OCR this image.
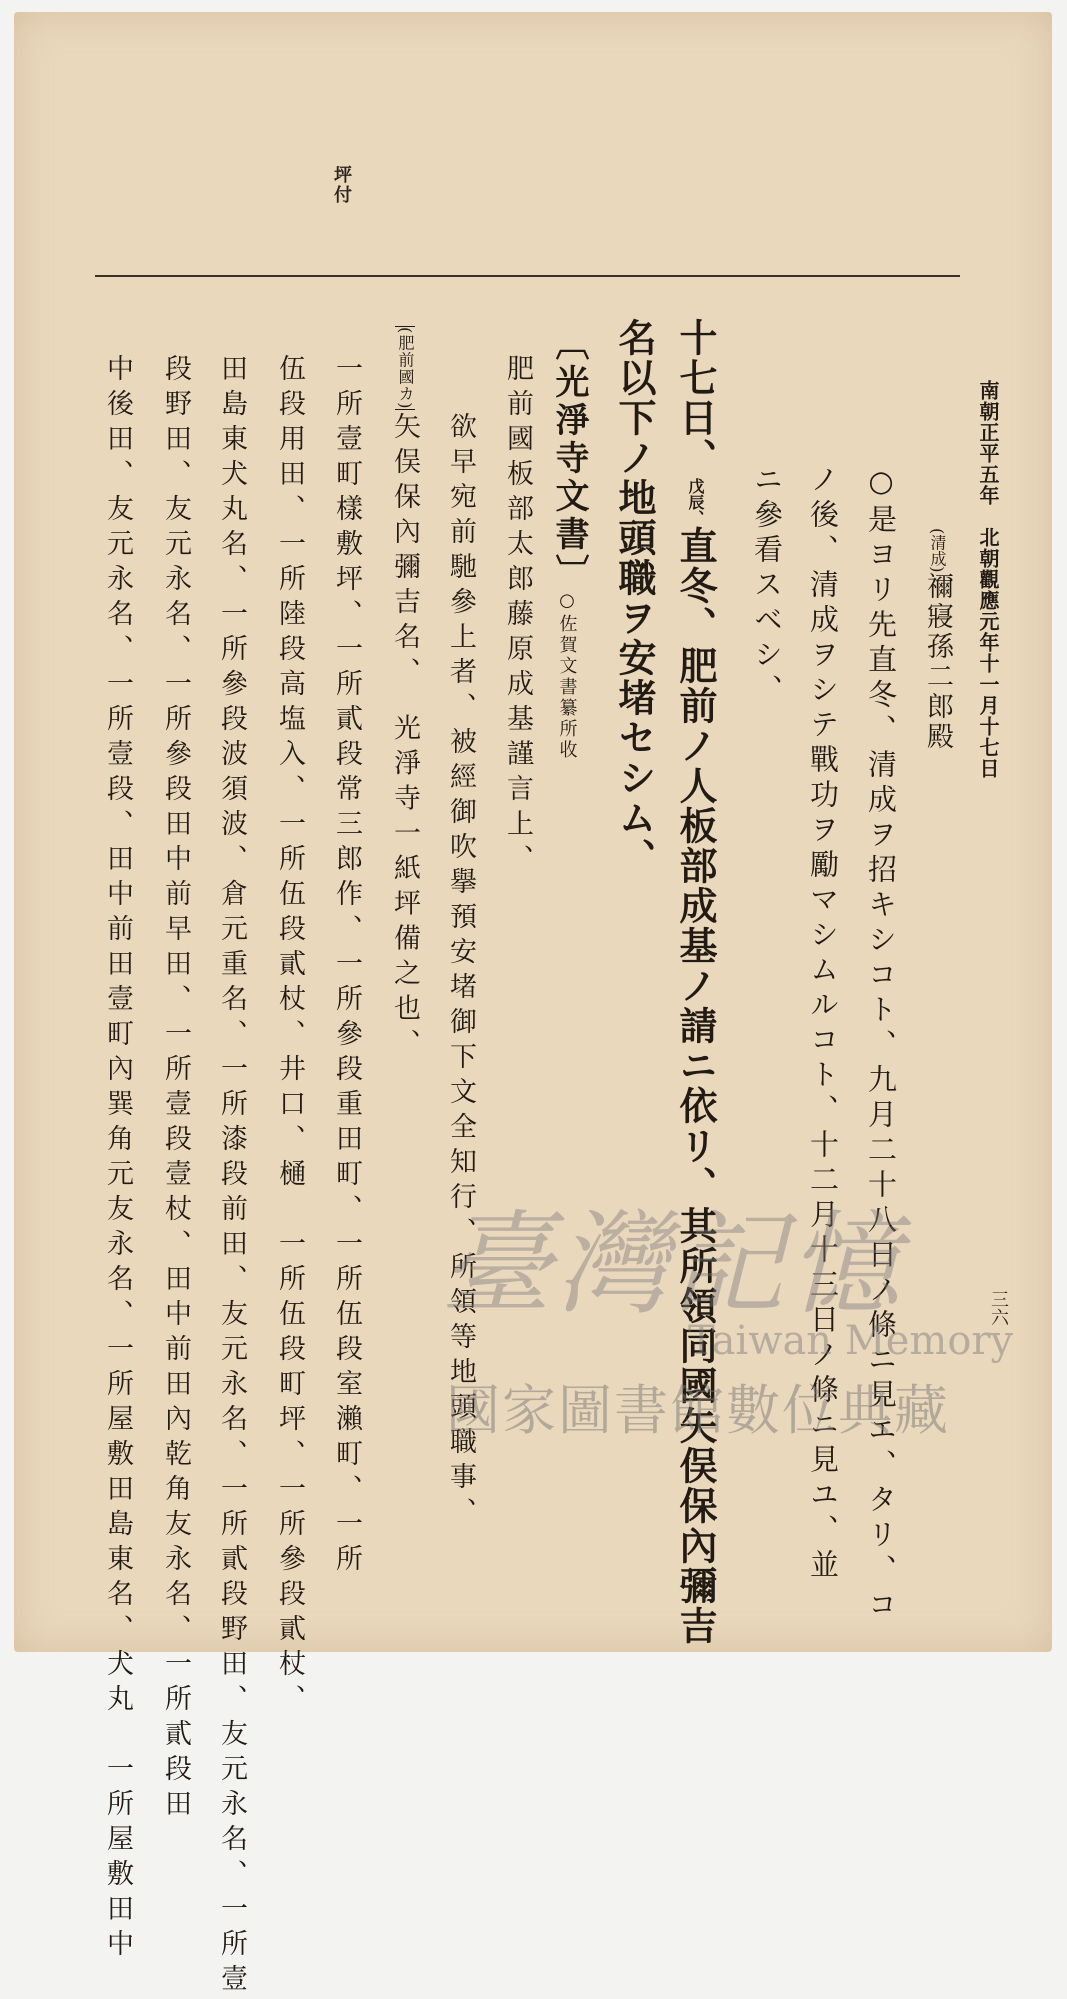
坪付
南朝正平五年　北朝觀應元年十一月十七日
三六
(清成)禰寢孫二郎殿
○是ヨリ先直冬、清成ヲ招キシコト、九月二十八日ノ條ニ見エ、タリ、コ
ノ後、清成ヲシテ戰功ヲ勵マシムルコト、十二月十三日ノ條ニ見ユ、並
ニ參看スベシ、
十七日、戊辰、直冬、肥前ノ人板部成基ノ請ニ依リ、其所領同國矢俣保內彌吉
名以下ノ地頭職ヲ安堵セシム、
〔光淨寺文書〕
○佐賀文書纂所收
(肥前國カ)	肥前國板部太郎藤原成基謹言上、
欲早宛前馳參上者、被經御吹擧預安堵御下文全知行、所領等地頭職事、
矢俣保內彌吉名、　光淨寺一紙坪備之也、
一所壹町樣敷坪、一所貳段常三郎作、一所參段重田町、一所伍段室瀨町、一所
伍段用田、一所陸段高塩入、一所伍段貳杖、井口、樋　一所伍段町坪、一所參段貳杖、
田島東犬丸名、一所參段波須波、倉元重名、一所漆段前田、友元永名、一所貳段野田、友元永名、一所壹
段野田、友元永名、一所參段田中前早田、一所壹段壹杖、田中前田內乾角友永名、一所貳段田
中後田、友元永名、一所壹段、田中前田壹町內巽角元友永名、一所屋敷田島東名、犬丸　一所屋敷田中	臺灣記憶
Taiwan Memory
國家圖書館數位典藏
